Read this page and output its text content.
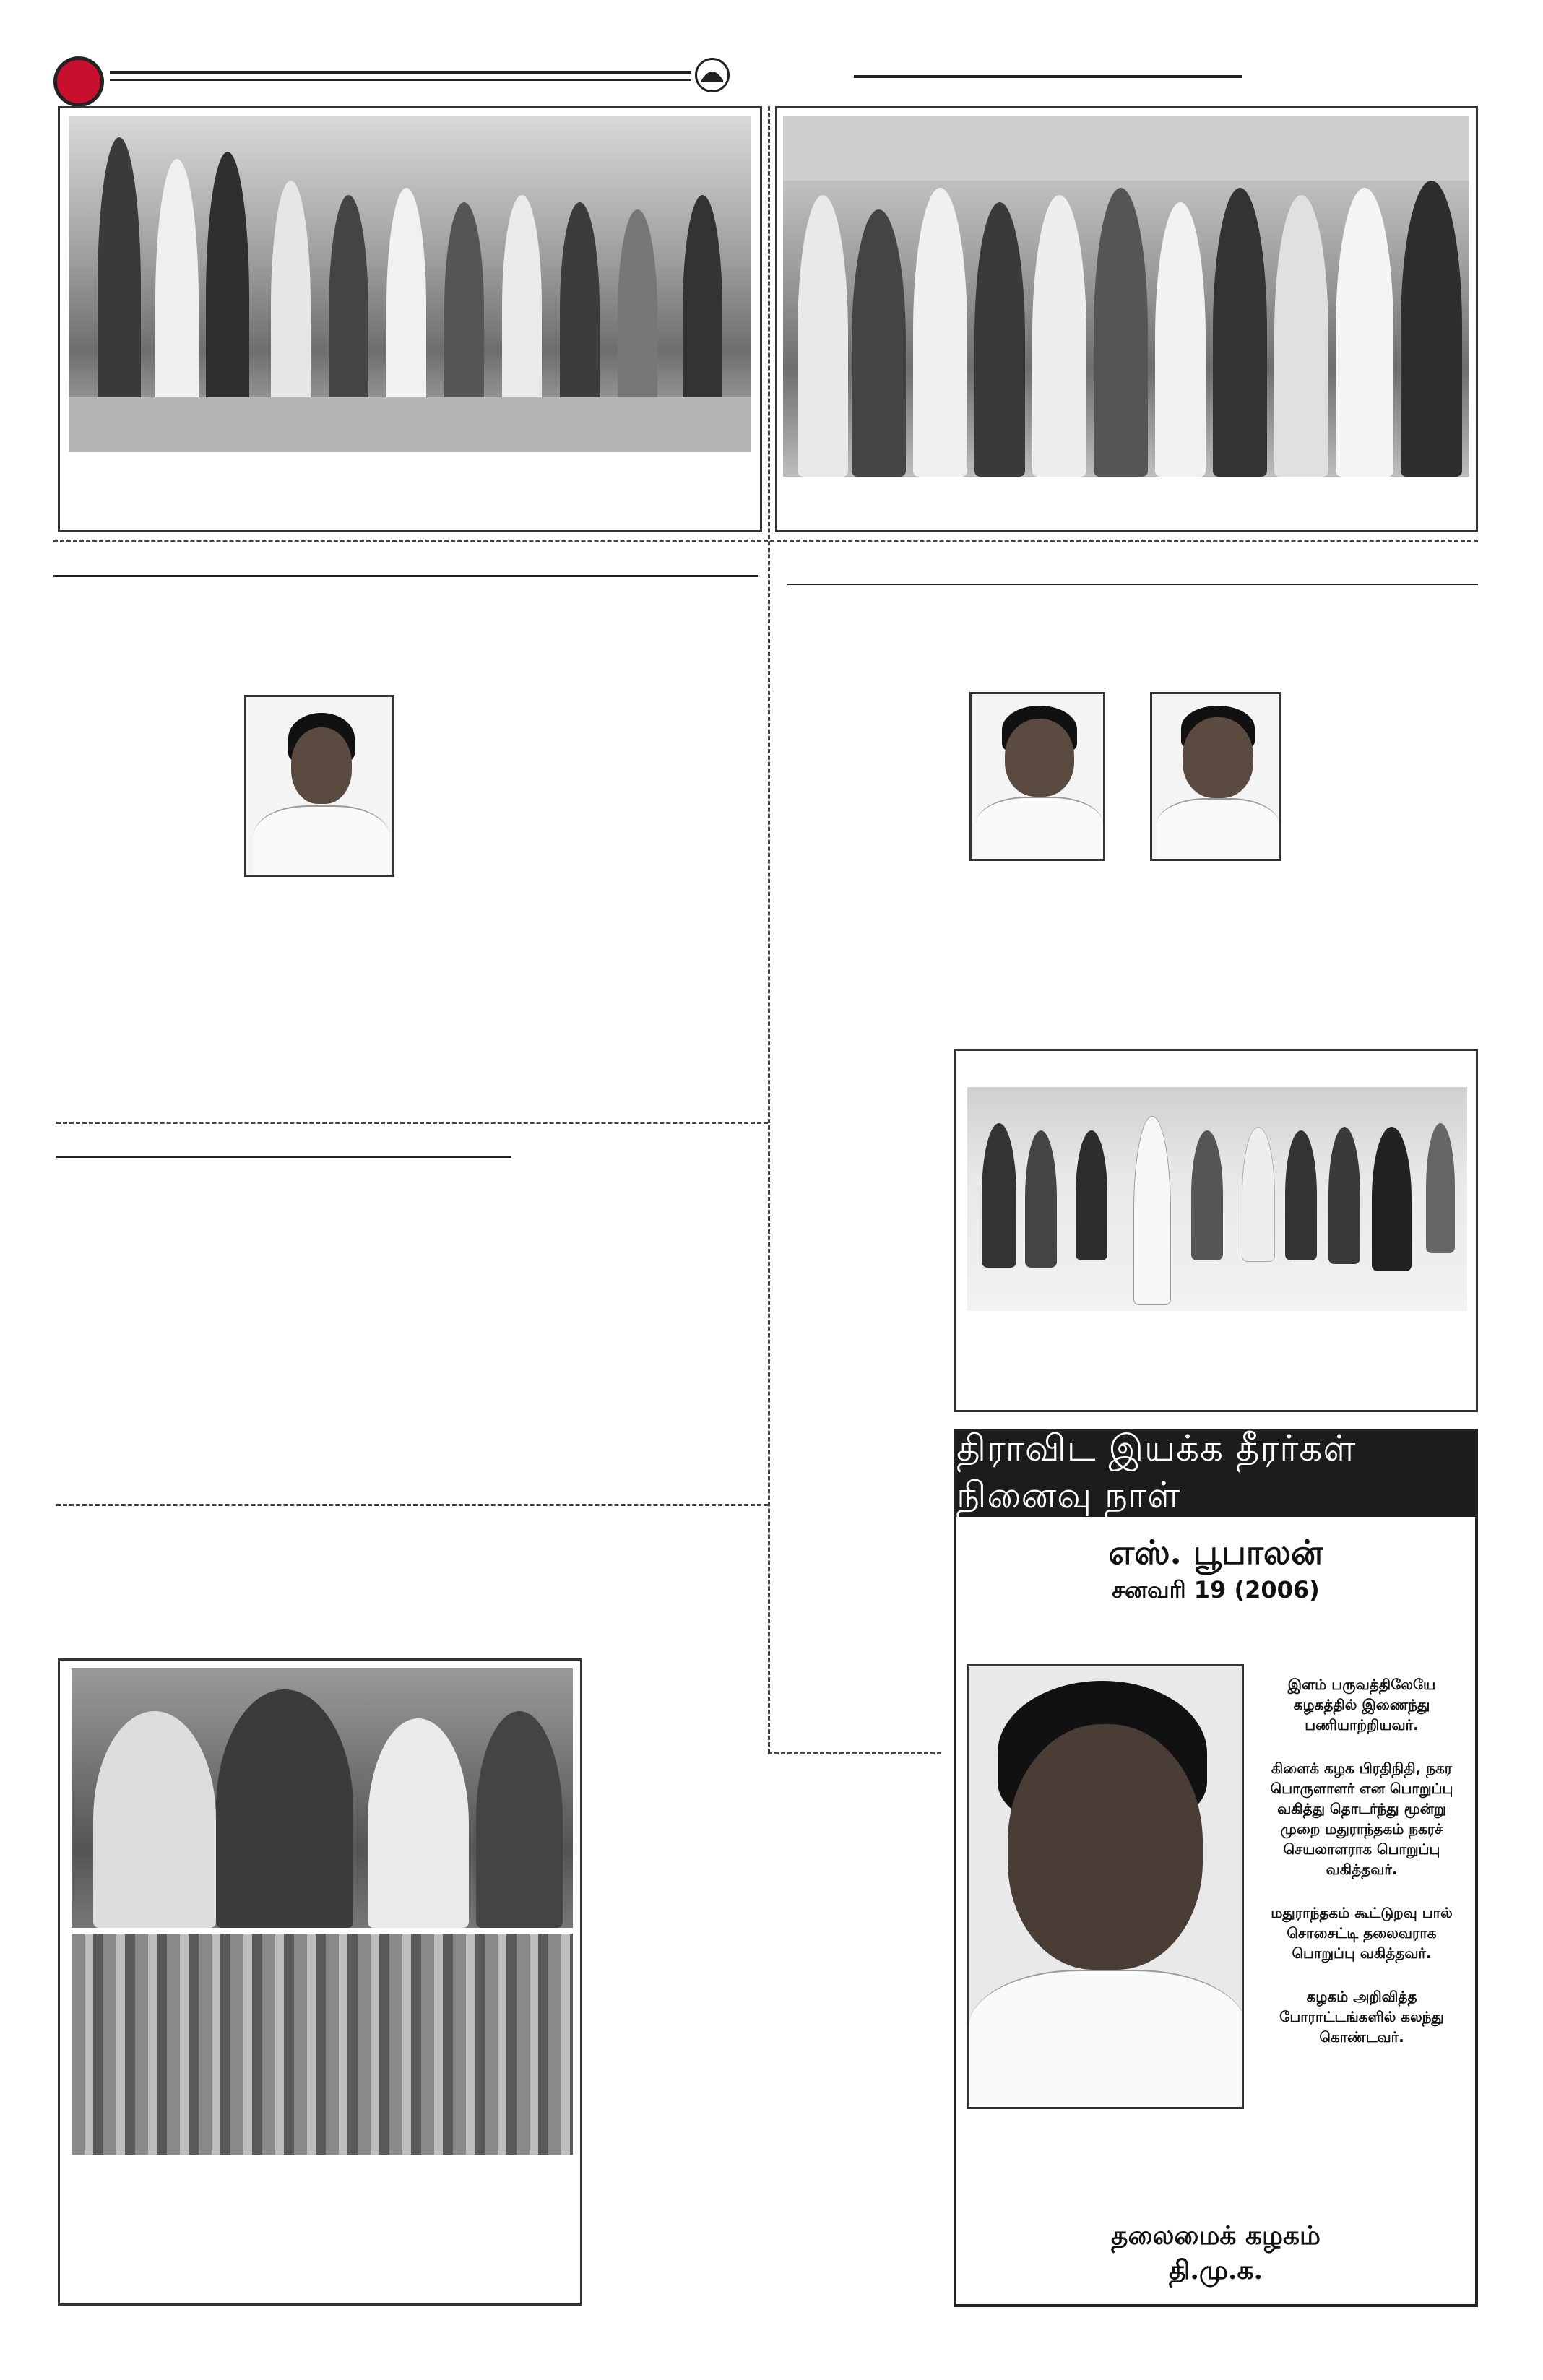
திராவிட இயக்க தீரர்கள் நினைவு நாள்
எஸ். பூபாலன்
சனவரி 19 (2006)

இளம் பருவத்திலேயே கழகத்தில் இணைந்து பணியாற்றியவர்.

கிளைக் கழக பிரதிநிதி, நகர பொருளாளர் என பொறுப்பு வகித்து தொடர்ந்து மூன்று முறை மதுராந்தகம் நகரச் செயலாளராக பொறுப்பு வகித்தவர்.

மதுராந்தகம் கூட்டுறவு பால் சொசைட்டி தலைவராக பொறுப்பு வகித்தவர்.

கழகம் அறிவித்த போராட்டங்களில் கலந்து கொண்டவர்.

தலைமைக் கழகம்
தி.மு.க.
